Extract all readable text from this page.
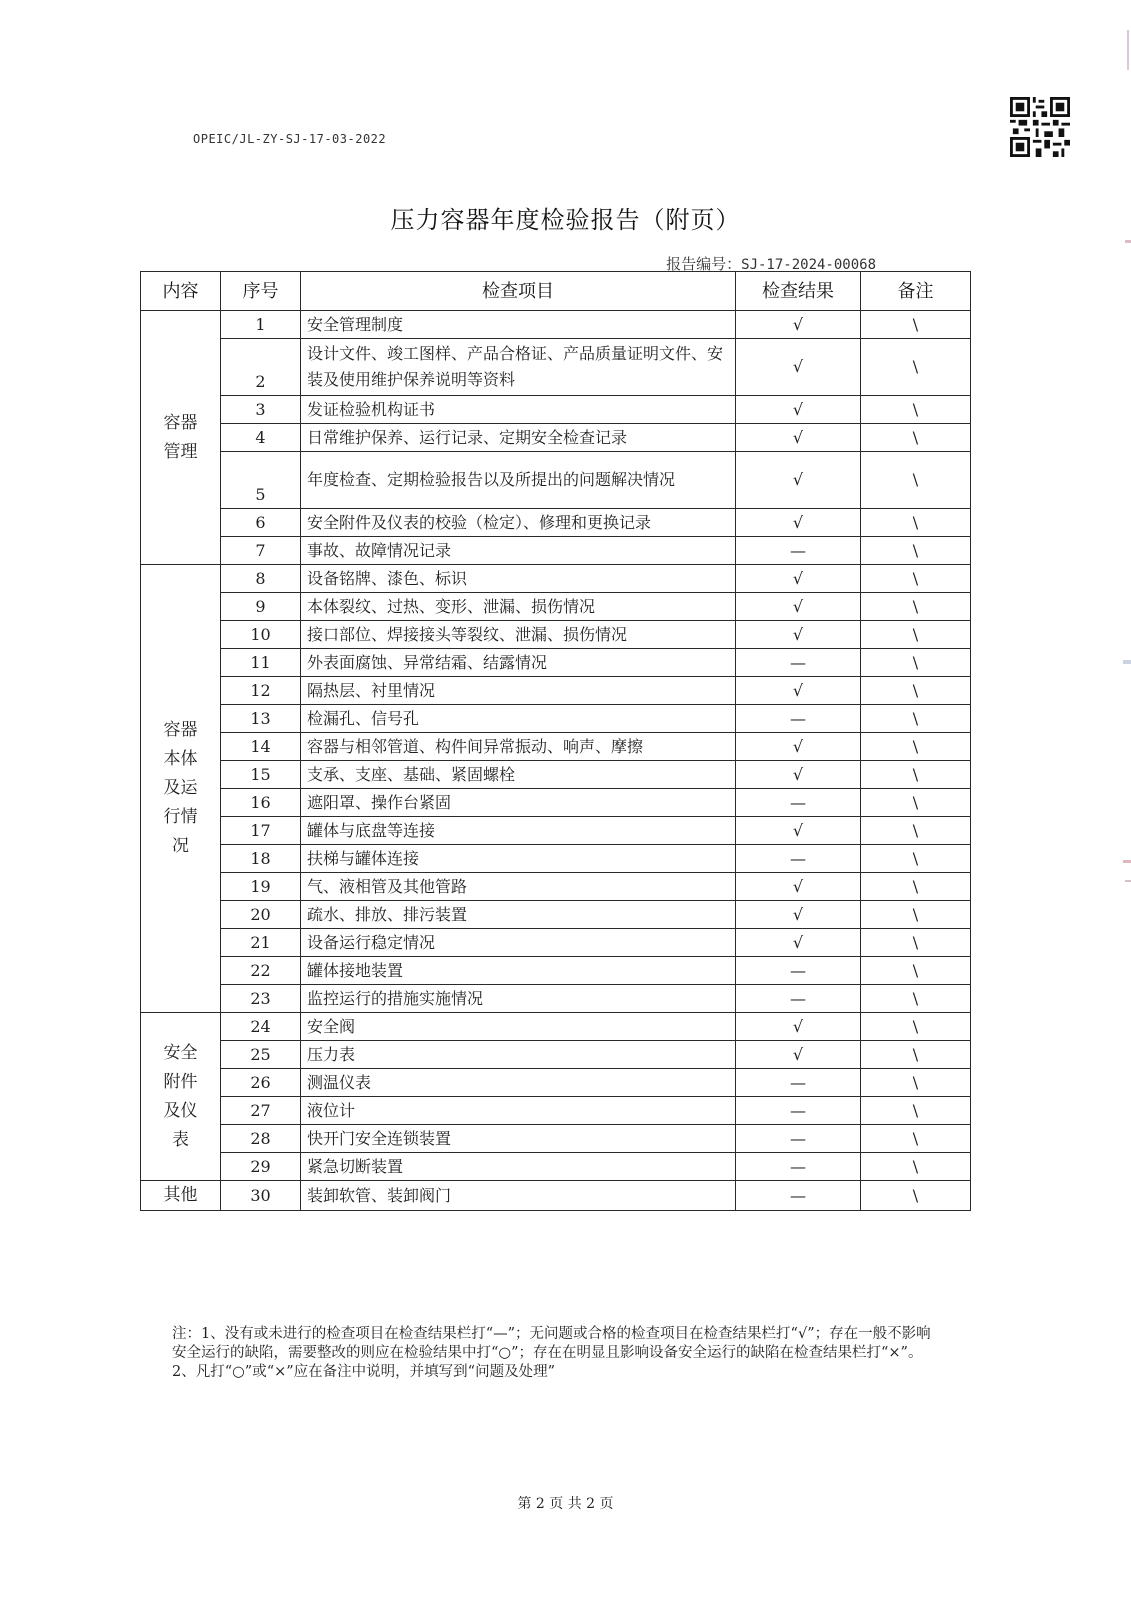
OPEIC/JL-ZY-SJ-17-03-2022
压力容器年度检验报告（附页）
报告编号：SJ-17-2024-00068
内容	序号	检查项目	检查结果	备注
容器管理	1	安全管理制度	√	\
	2	设计文件、竣工图样、产品合格证、产品质量证明文件、安装及使用维护保养说明等资料	√	\
	3	发证检验机构证书	√	\
	4	日常维护保养、运行记录、定期安全检查记录	√	\
	5	年度检查、定期检验报告以及所提出的问题解决情况	√	\
	6	安全附件及仪表的校验（检定）、修理和更换记录	√	\
	7	事故、故障情况记录	—	\
容器本体及运行情况	8	设备铭牌、漆色、标识	√	\
	9	本体裂纹、过热、变形、泄漏、损伤情况	√	\
	10	接口部位、焊接接头等裂纹、泄漏、损伤情况	√	\
	11	外表面腐蚀、异常结霜、结露情况	—	\
	12	隔热层、衬里情况	√	\
	13	检漏孔、信号孔	—	\
	14	容器与相邻管道、构件间异常振动、响声、摩擦	√	\
	15	支承、支座、基础、紧固螺栓	√	\
	16	遮阳罩、操作台紧固	—	\
	17	罐体与底盘等连接	√	\
	18	扶梯与罐体连接	—	\
	19	气、液相管及其他管路	√	\
	20	疏水、排放、排污装置	√	\
	21	设备运行稳定情况	√	\
	22	罐体接地装置	—	\
	23	监控运行的措施实施情况	—	\
安全附件及仪表	24	安全阀	√	\
	25	压力表	√	\
	26	测温仪表	—	\
	27	液位计	—	\
	28	快开门安全连锁装置	—	\
	29	紧急切断装置	—	\
其他	30	装卸软管、装卸阀门	—	\

注：1、没有或未进行的检查项目在检查结果栏打“—”；无问题或合格的检查项目在检查结果栏打“√”；存在一般不影响安全运行的缺陷，需要整改的则应在检验结果中打“○”；存在在明显且影响设备安全运行的缺陷在检查结果栏打“×”。

2、凡打“○”或“×”应在备注中说明，并填写到“问题及处理”

第 2 页 共 2 页
